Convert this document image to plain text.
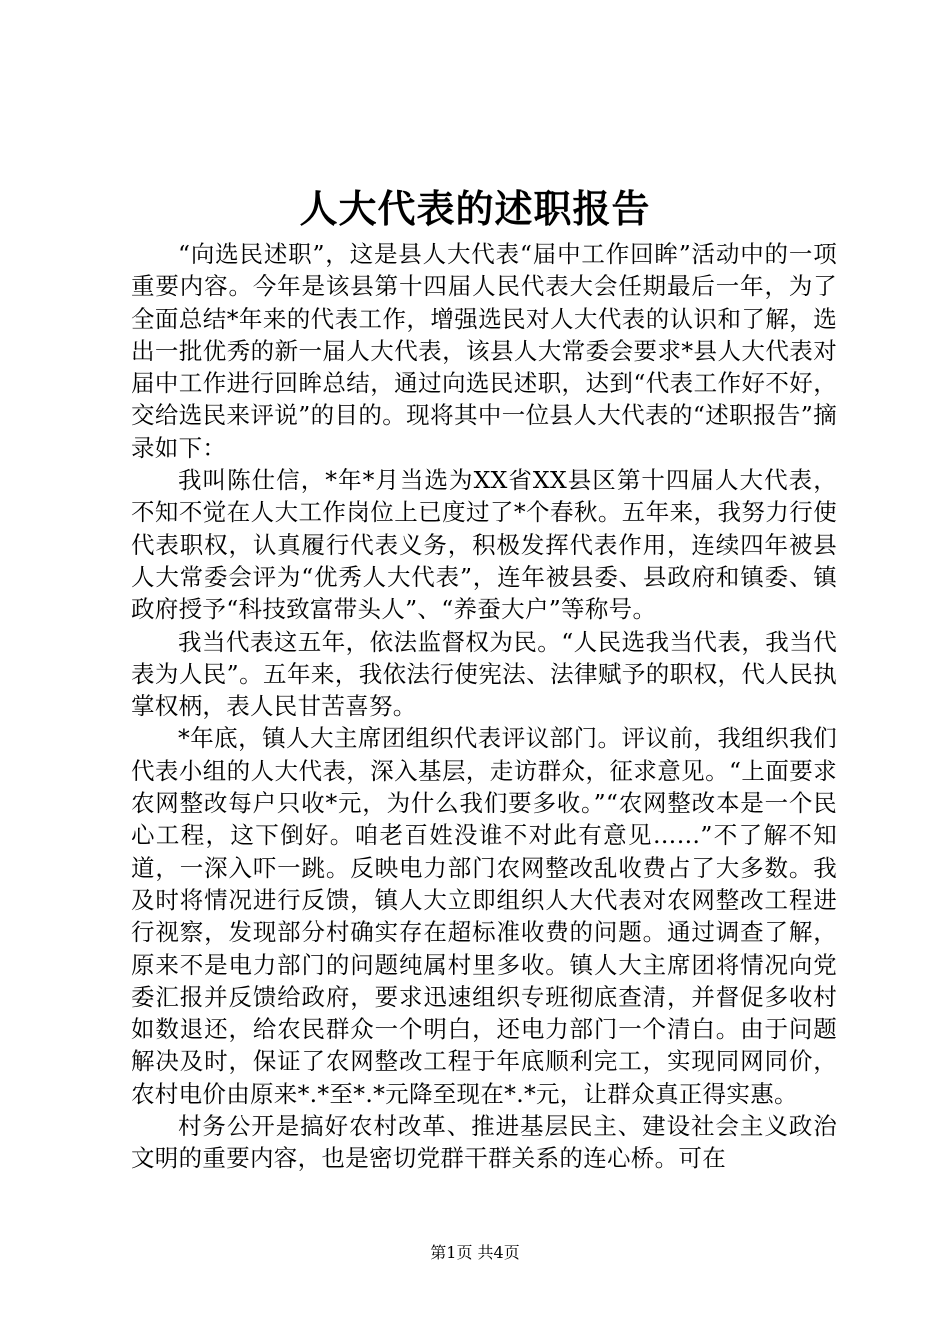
人大代表的述职报告

“向选民述职”，这是县人大代表“届中工作回眸”活动中的一项重要内容。今年是该县第十四届人民代表大会任期最后一年，为了全面总结*年来的代表工作，增强选民对人大代表的认识和了解，选出一批优秀的新一届人大代表，该县人大常委会要求*县人大代表对届中工作进行回眸总结，通过向选民述职，达到“代表工作好不好，交给选民来评说”的目的。现将其中一位县人大代表的“述职报告”摘录如下：

我叫陈仕信，*年*月当选为XX省XX县区第十四届人大代表，不知不觉在人大工作岗位上已度过了*个春秋。五年来，我努力行使代表职权，认真履行代表义务，积极发挥代表作用，连续四年被县人大常委会评为“优秀人大代表”，连年被县委、县政府和镇委、镇政府授予“科技致富带头人”、“养蚕大户”等称号。

我当代表这五年，依法监督权为民。“人民选我当代表，我当代表为人民”。五年来，我依法行使宪法、法律赋予的职权，代人民执掌权柄，表人民甘苦喜努。

*年底，镇人大主席团组织代表评议部门。评议前，我组织我们代表小组的人大代表，深入基层，走访群众，征求意见。“上面要求农网整改每户只收*元，为什么我们要多收。”“农网整改本是一个民心工程，这下倒好。咱老百姓没谁不对此有意见……”不了解不知道，一深入吓一跳。反映电力部门农网整改乱收费占了大多数。我及时将情况进行反馈，镇人大立即组织人大代表对农网整改工程进行视察，发现部分村确实存在超标准收费的问题。通过调查了解，原来不是电力部门的问题纯属村里多收。镇人大主席团将情况向党委汇报并反馈给政府，要求迅速组织专班彻底查清，并督促多收村如数退还，给农民群众一个明白，还电力部门一个清白。由于问题解决及时，保证了农网整改工程于年底顺利完工，实现同网同价，农村电价由原来*.*至*.*元降至现在*.*元，让群众真正得实惠。

村务公开是搞好农村改革、推进基层民主、建设社会主义政治文明的重要内容，也是密切党群干群关系的连心桥。可在

第1页 共4页
